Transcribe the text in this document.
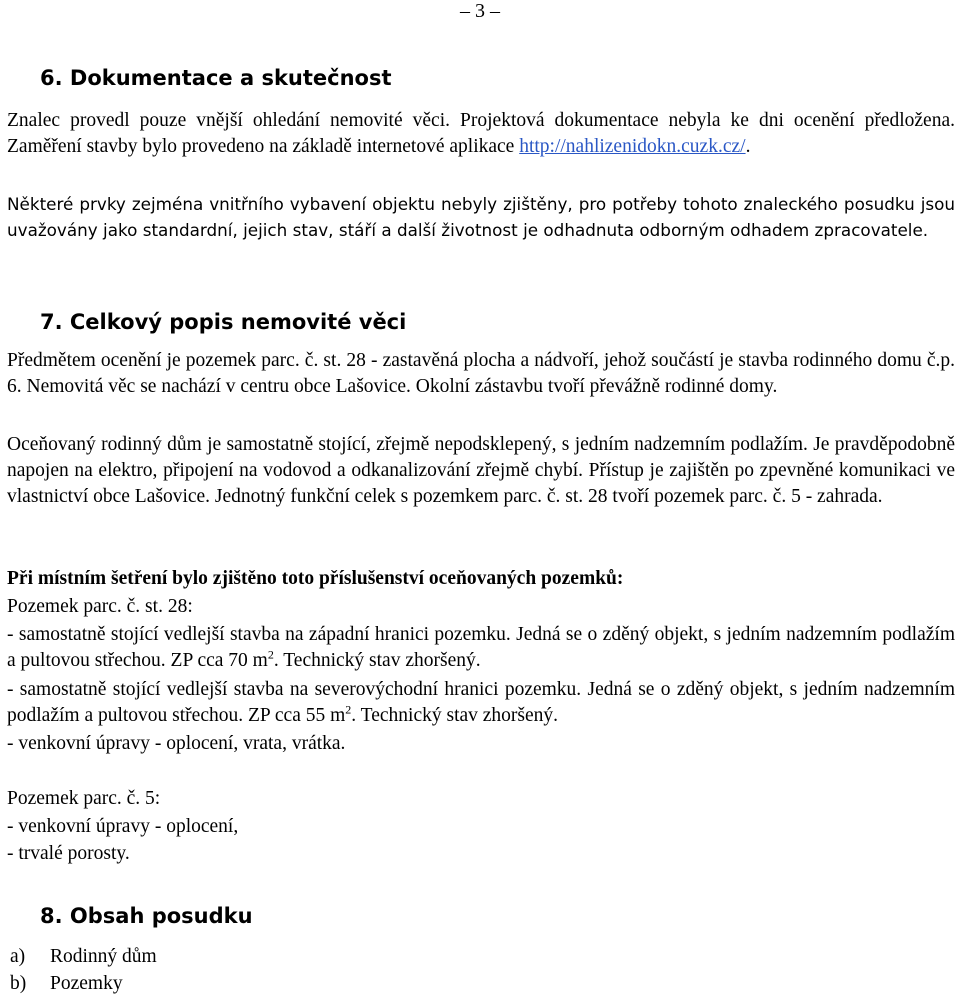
– 3 –
6. Dokumentace a skutečnost
Znalec provedl pouze vnější ohledání nemovité věci. Projektová dokumentace nebyla ke dni ocenění předložena. Zaměření stavby bylo provedeno na základě internetové aplikace http://nahlizenidokn.cuzk.cz/.
Některé prvky zejména vnitřního vybavení objektu nebyly zjištěny, pro potřeby tohoto znaleckého posudku jsou uvažovány jako standardní, jejich stav, stáří a další životnost je odhadnuta odborným odhadem zpracovatele.
7. Celkový popis nemovité věci
Předmětem ocenění je pozemek parc. č. st. 28 - zastavěná plocha a nádvoří, jehož součástí je stavba rodinného domu č.p. 6. Nemovitá věc se nachází v centru obce Lašovice. Okolní zástavbu tvoří převážně rodinné domy.
Oceňovaný rodinný dům je samostatně stojící, zřejmě nepodsklepený, s jedním nadzemním podlažím. Je pravděpodobně napojen na elektro, připojení na vodovod a odkanalizování zřejmě chybí. Přístup je zajištěn po zpevněné komunikaci ve vlastnictví obce Lašovice. Jednotný funkční celek s pozemkem parc. č. st. 28 tvoří pozemek parc. č. 5 - zahrada.
Při místním šetření bylo zjištěno toto příslušenství oceňovaných pozemků:
Pozemek parc. č. st. 28:
- samostatně stojící vedlejší stavba na západní hranici pozemku. Jedná se o zděný objekt, s jedním nadzemním podlažím a pultovou střechou. ZP cca 70 $m^2$. Technický stav zhoršený.
- samostatně stojící vedlejší stavba na severovýchodní hranici pozemku. Jedná se o zděný objekt, s jedním nadzemním podlažím a pultovou střechou. ZP cca 55 $m^2$. Technický stav zhoršený.
- venkovní úpravy - oplocení, vrata, vrátka.
Pozemek parc. č. 5:
- venkovní úpravy - oplocení,
- trvalé porosty.
8. Obsah posudku
a) Rodinný dům
b) Pozemky
